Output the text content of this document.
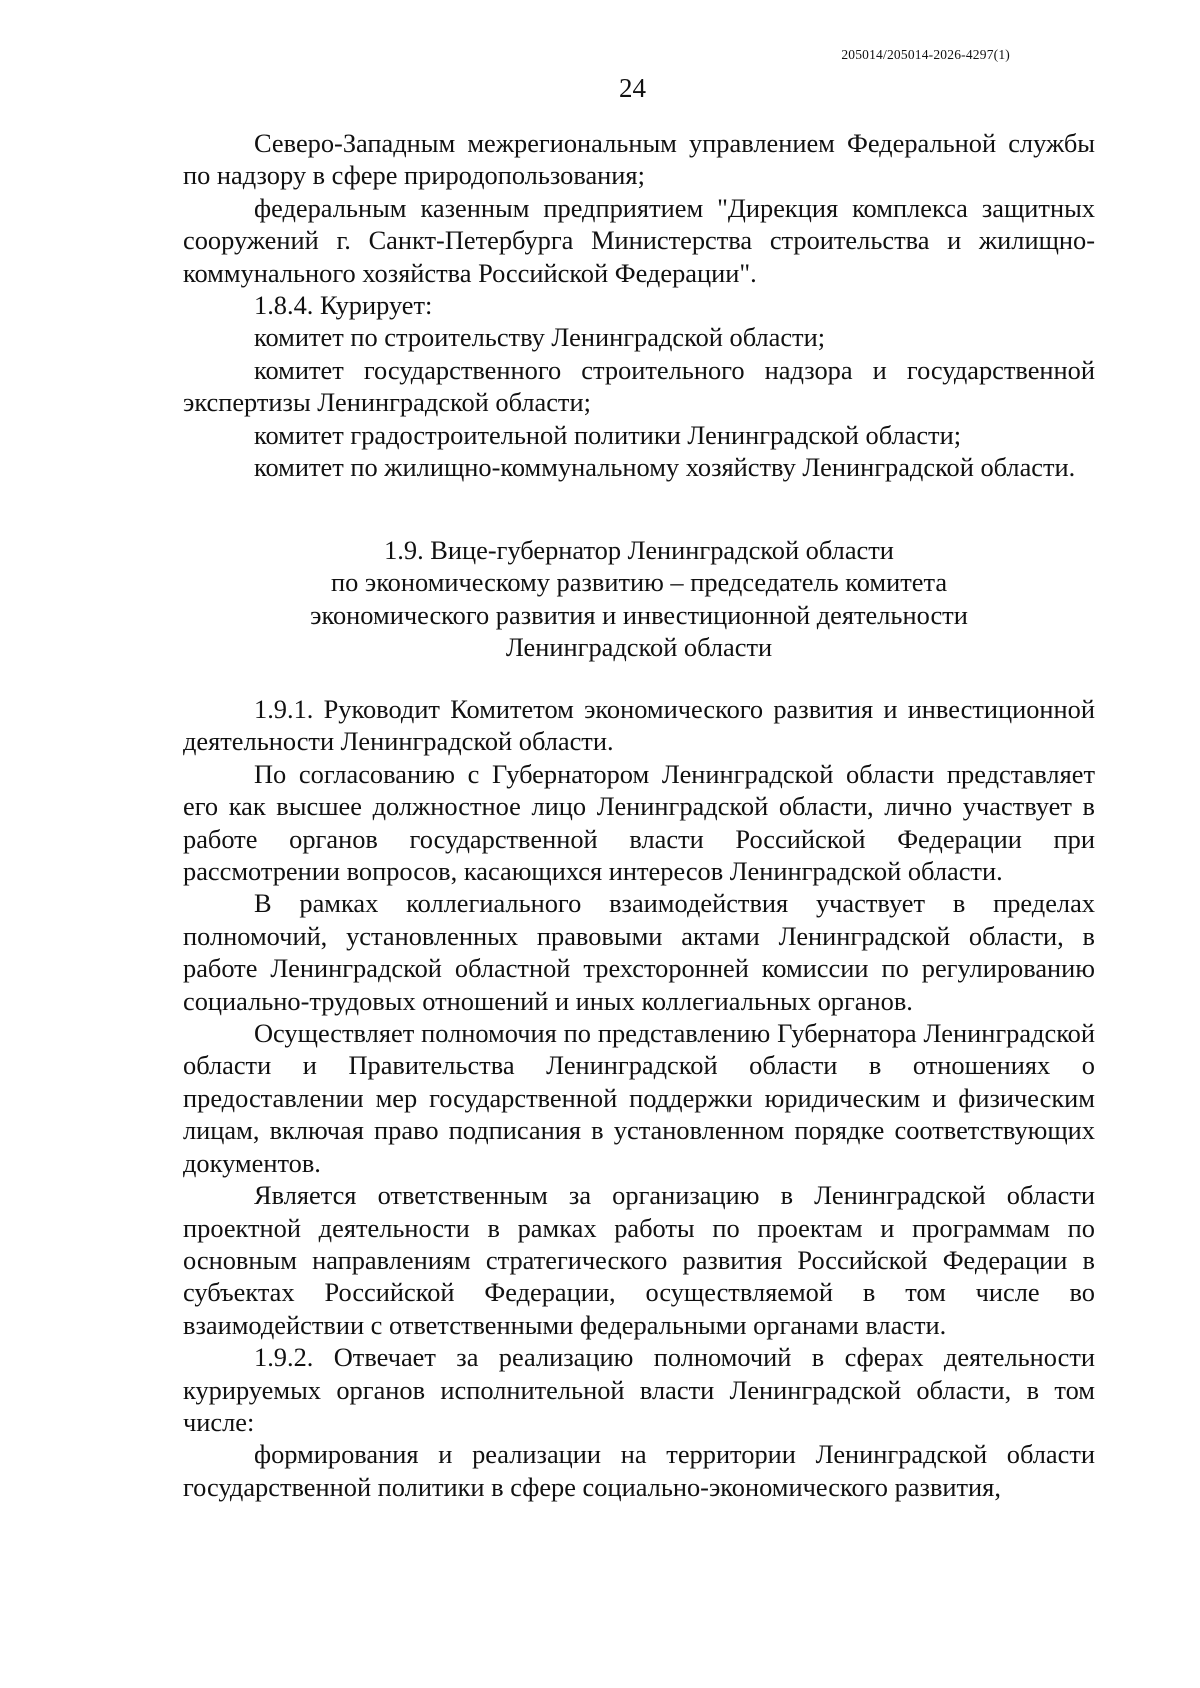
205014/205014-2026-4297(1)
24

Северо-Западным межрегиональным управлением Федеральной службы по надзору в сфере природопользования;

федеральным казенным предприятием "Дирекция комплекса защитных сооружений г. Санкт-Петербурга Министерства строительства и жилищно-коммунального хозяйства Российской Федерации".

1.8.4. Курирует:

комитет по строительству Ленинградской области;

комитет государственного строительного надзора и государственной экспертизы Ленинградской области;

комитет градостроительной политики Ленинградской области;

комитет по жилищно-коммунальному хозяйству Ленинградской области.

1.9. Вице-губернатор Ленинградской области
по экономическому развитию – председатель комитета
экономического развития и инвестиционной деятельности
Ленинградской области

1.9.1. Руководит Комитетом экономического развития и инвестиционной деятельности Ленинградской области.

По согласованию с Губернатором Ленинградской области представляет его как высшее должностное лицо Ленинградской области, лично участвует в работе органов государственной власти Российской Федерации при рассмотрении вопросов, касающихся интересов Ленинградской области.

В рамках коллегиального взаимодействия участвует в пределах полномочий, установленных правовыми актами Ленинградской области, в работе Ленинградской областной трехсторонней комиссии по регулированию социально-трудовых отношений и иных коллегиальных органов.

Осуществляет полномочия по представлению Губернатора Ленинградской области и Правительства Ленинградской области в отношениях о предоставлении мер государственной поддержки юридическим и физическим лицам, включая право подписания в установленном порядке соответствующих документов.

Является ответственным за организацию в Ленинградской области проектной деятельности в рамках работы по проектам и программам по основным направлениям стратегического развития Российской Федерации в субъектах Российской Федерации, осуществляемой в том числе во взаимодействии с ответственными федеральными органами власти.

1.9.2. Отвечает за реализацию полномочий в сферах деятельности курируемых органов исполнительной власти Ленинградской области, в том числе:

формирования и реализации на территории Ленинградской области государственной политики в сфере социально-экономического развития,
